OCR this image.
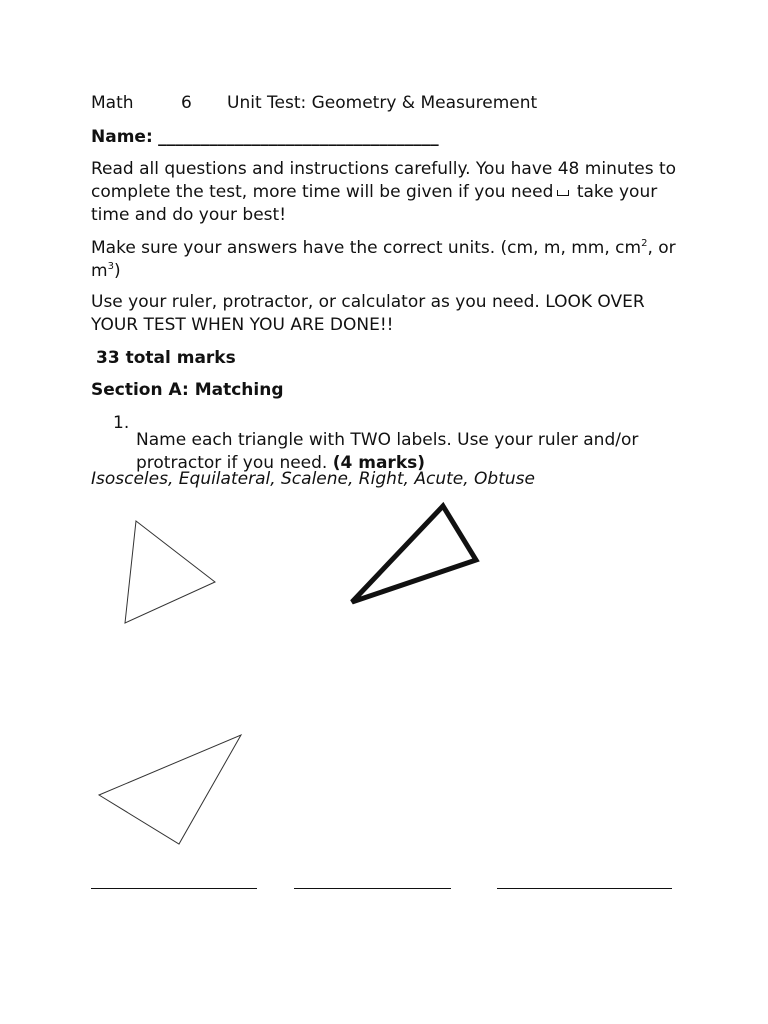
Math	6 Unit Test: Geometry & Measurement
Name: _________________________________

Read all questions and instructions carefully. You have 48 minutes to complete the test, more time will be given if you need take your time and do your best!

Make sure your answers have the correct units. (cm, m, mm, $cm^2$, or $m^3$)

Use your ruler, protractor, or calculator as you need. LOOK OVER YOUR TEST WHEN YOU ARE DONE!!

33 total marks
Section A: Matching
1.

Name each triangle with TWO labels. Use your ruler and/or protractor if you need. (4 marks)

Isosceles, Equilateral, Scalene, Right, Acute, Obtuse
